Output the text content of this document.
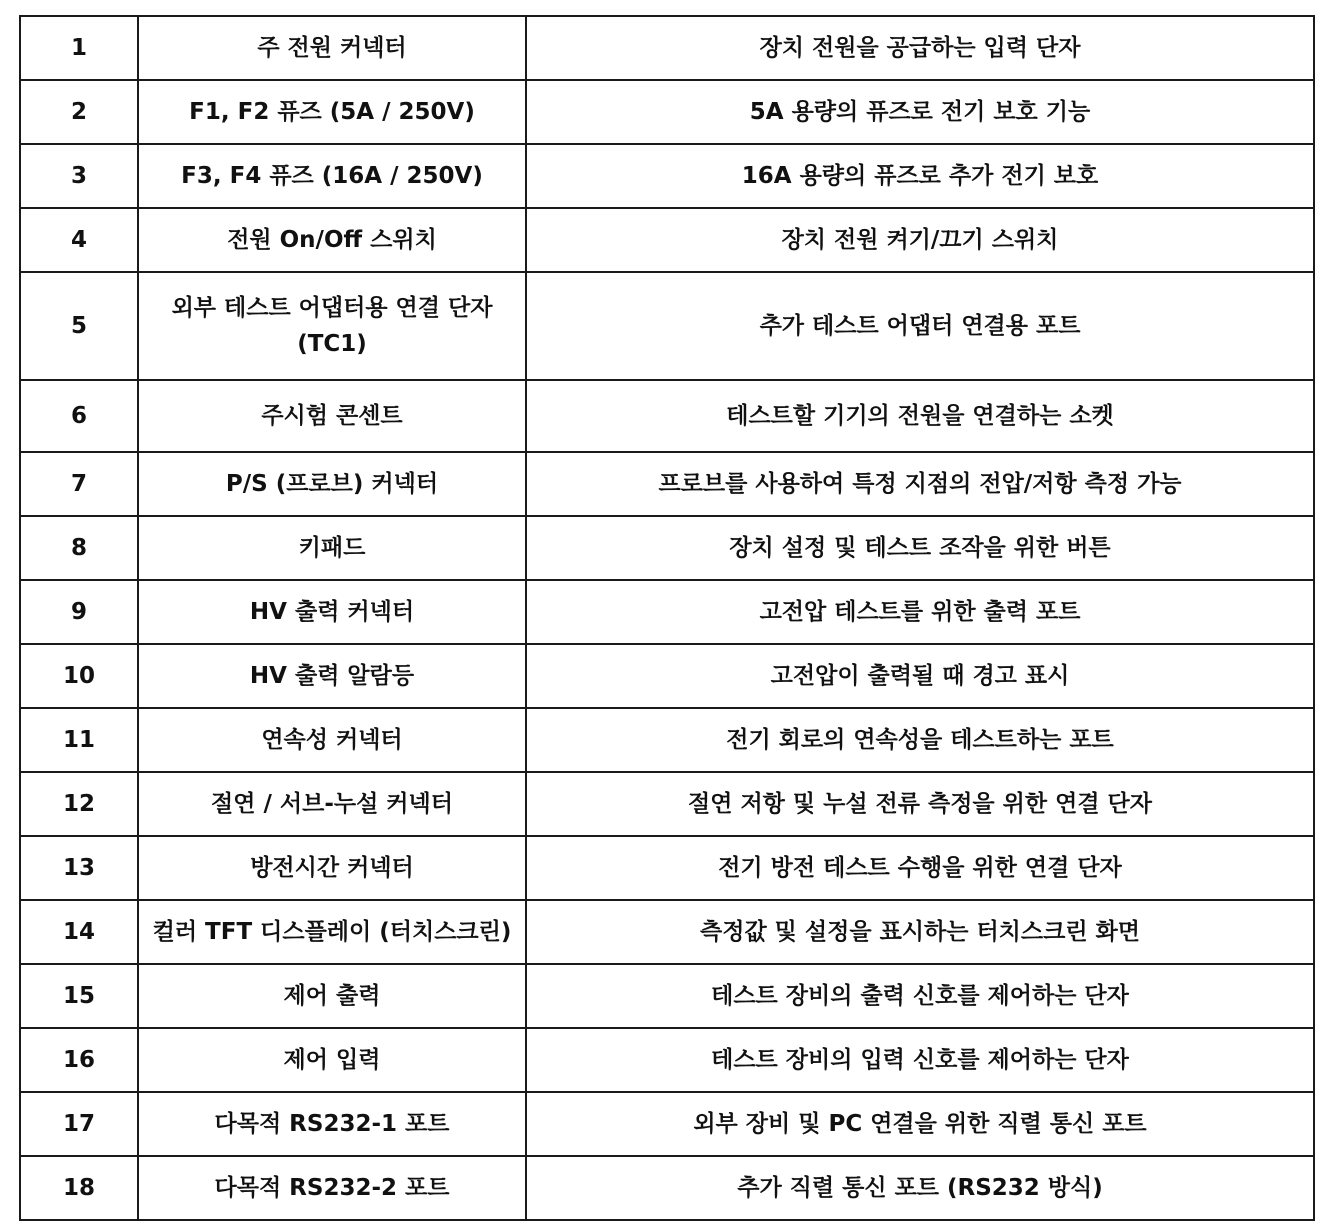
1	주 전원 커넥터	장치 전원을 공급하는 입력 단자
2	F1, F2 퓨즈 (5A / 250V)	5A 용량의 퓨즈로 전기 보호 기능
3	F3, F4 퓨즈 (16A / 250V)	16A 용량의 퓨즈로 추가 전기 보호
4	전원 On/Off 스위치	장치 전원 켜기/끄기 스위치
5	외부 테스트 어댑터용 연결 단자 (TC1)	추가 테스트 어댑터 연결용 포트
6	주시험 콘센트	테스트할 기기의 전원을 연결하는 소켓
7	P/S (프로브) 커넥터	프로브를 사용하여 특정 지점의 전압/저항 측정 가능
8	키패드	장치 설정 및 테스트 조작을 위한 버튼
9	HV 출력 커넥터	고전압 테스트를 위한 출력 포트
10	HV 출력 알람등	고전압이 출력될 때 경고 표시
11	연속성 커넥터	전기 회로의 연속성을 테스트하는 포트
12	절연 / 서브-누설 커넥터	절연 저항 및 누설 전류 측정을 위한 연결 단자
13	방전시간 커넥터	전기 방전 테스트 수행을 위한 연결 단자
14	컬러 TFT 디스플레이 (터치스크린)	측정값 및 설정을 표시하는 터치스크린 화면
15	제어 출력	테스트 장비의 출력 신호를 제어하는 단자
16	제어 입력	테스트 장비의 입력 신호를 제어하는 단자
17	다목적 RS232-1 포트	외부 장비 및 PC 연결을 위한 직렬 통신 포트
18	다목적 RS232-2 포트	추가 직렬 통신 포트 (RS232 방식)
